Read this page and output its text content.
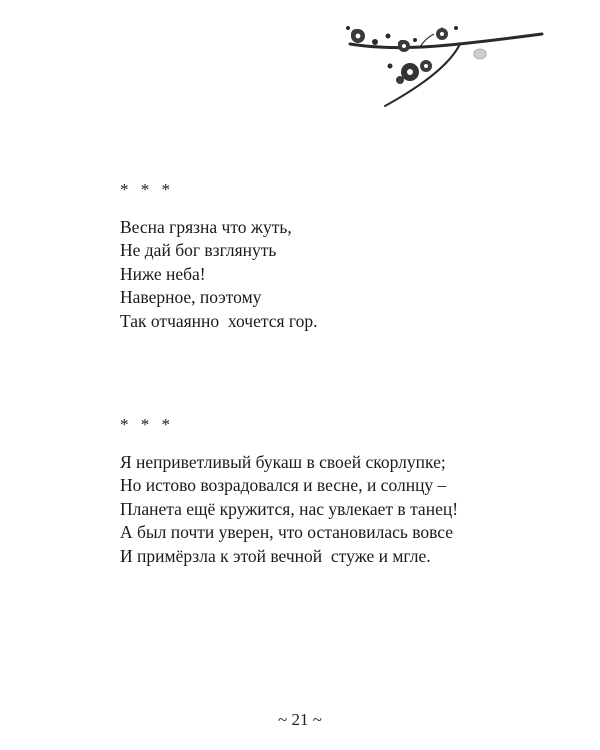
* * *
Весна грязна что жуть,
Не дай бог взглянуть
Ниже неба!
Наверное, поэтому
Так отчаянно  хочется гор.
* * *
Я неприветливый букаш в своей скорлупке;
Но истово возрадовался и весне, и солнцу –
Планета ещё кружится, нас увлекает в танец!
А был почти уверен, что остановилась вовсе
И примёрзла к этой вечной  стуже и мгле.
~ 21 ~
